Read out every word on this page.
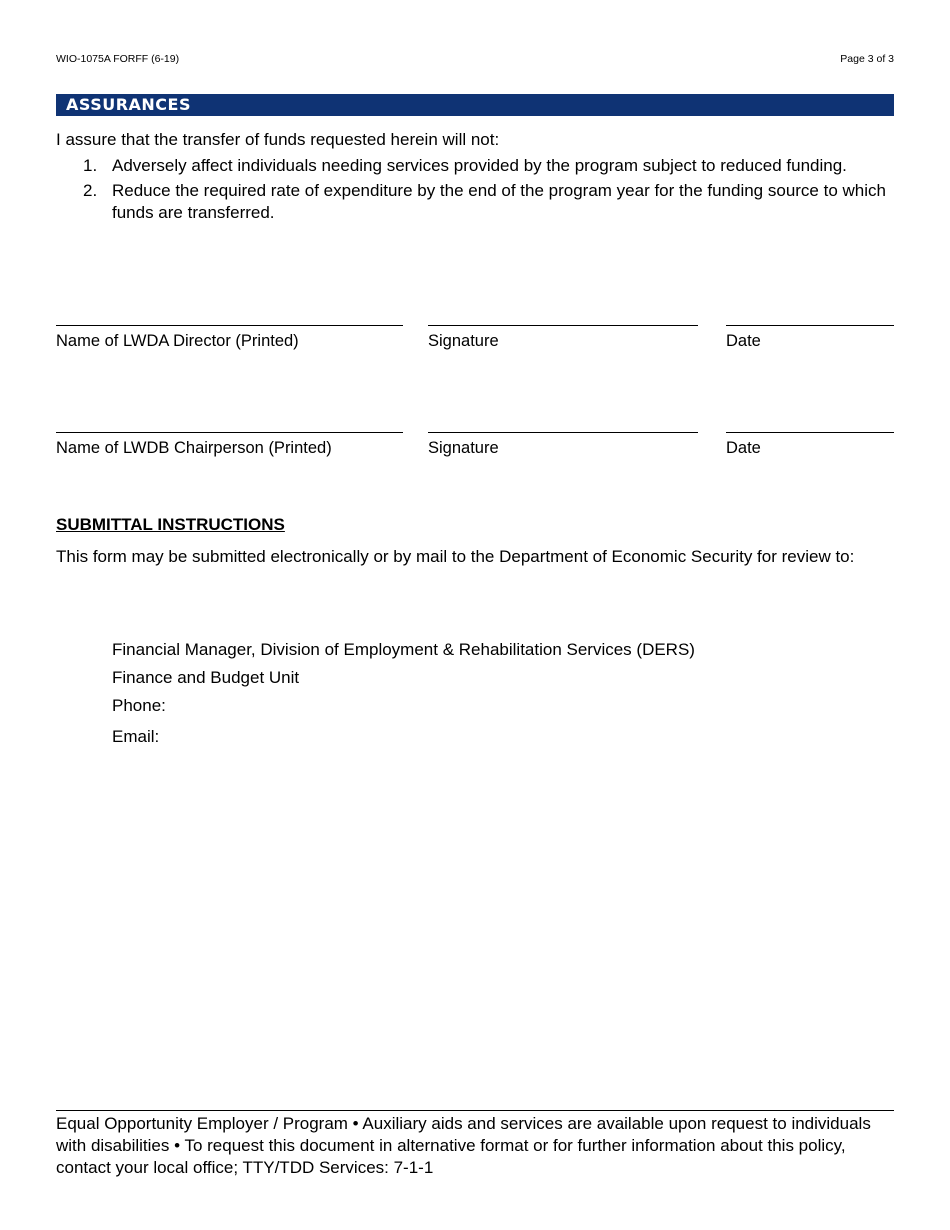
WIO-1075A FORFF (6-19)	Page 3 of 3
ASSURANCES
I assure that the transfer of funds requested herein will not:
1. Adversely affect individuals needing services provided by the program subject to reduced funding.
2. Reduce the required rate of expenditure by the end of the program year for the funding source to which funds are transferred.
Name of LWDA Director (Printed)	Signature	Date
Name of LWDB Chairperson (Printed)	Signature	Date
SUBMITTAL INSTRUCTIONS
This form may be submitted electronically or by mail to the Department of Economic Security for review to:
Financial Manager, Division of Employment & Rehabilitation Services (DERS)
Finance and Budget Unit
Phone:
Email:
Equal Opportunity Employer / Program • Auxiliary aids and services are available upon request to individuals with disabilities • To request this document in alternative format or for further information about this policy, contact your local office; TTY/TDD Services: 7-1-1
